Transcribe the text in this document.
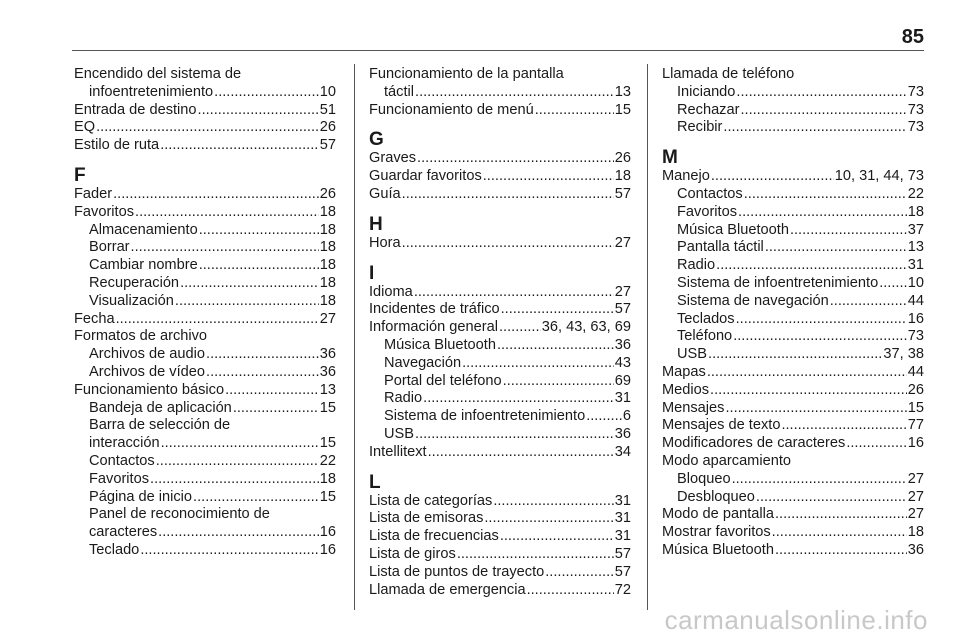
85
Encendido del sistema de
infoentretenimiento .....	10
Entrada de destino .....	51
EQ .....	26
Estilo de ruta .....	57
F
Fader .....	26
Favoritos .....	18
Almacenamiento .....	18
Borrar .....	18
Cambiar nombre .....	18
Recuperación .....	18
Visualización .....	18
Fecha .....	27
Formatos de archivo
Archivos de audio .....	36
Archivos de vídeo .....	36
Funcionamiento básico .....	13
Bandeja de aplicación .....	15
Barra de selección de
interacción .....	15
Contactos .....	22
Favoritos .....	18
Página de inicio .....	15
Panel de reconocimiento de
caracteres .....	16
Teclado .....	16
Funcionamiento de la pantalla
táctil .....	13
Funcionamiento de menú .....	15
G
Graves .....	26
Guardar favoritos .....	18
Guía .....	57
H
Hora .....	27
I
Idioma .....	27
Incidentes de tráfico .....	57
Información general .....	36, 43, 63, 69
Música Bluetooth .....	36
Navegación .....	43
Portal del teléfono .....	69
Radio .....	31
Sistema de infoentretenimiento .....	6
USB .....	36
Intellitext .....	34
L
Lista de categorías .....	31
Lista de emisoras .....	31
Lista de frecuencias .....	31
Lista de giros .....	57
Lista de puntos de trayecto .....	57
Llamada de emergencia .....	72
Llamada de teléfono
Iniciando .....	73
Rechazar .....	73
Recibir .....	73
M
Manejo .....	10, 31, 44, 73
Contactos .....	22
Favoritos .....	18
Música Bluetooth .....	37
Pantalla táctil .....	13
Radio .....	31
Sistema de infoentretenimiento ..... 10
Sistema de navegación .....	44
Teclados .....	16
Teléfono .....	73
USB .....	37, 38
Mapas .....	44
Medios .....	26
Mensajes .....	15
Mensajes de texto .....	77
Modificadores de caracteres .....	16
Modo aparcamiento
Bloqueo .....	27
Desbloqueo .....	27
Modo de pantalla .....	27
Mostrar favoritos .....	18
Música Bluetooth .....	36
carmanualsonline.info
